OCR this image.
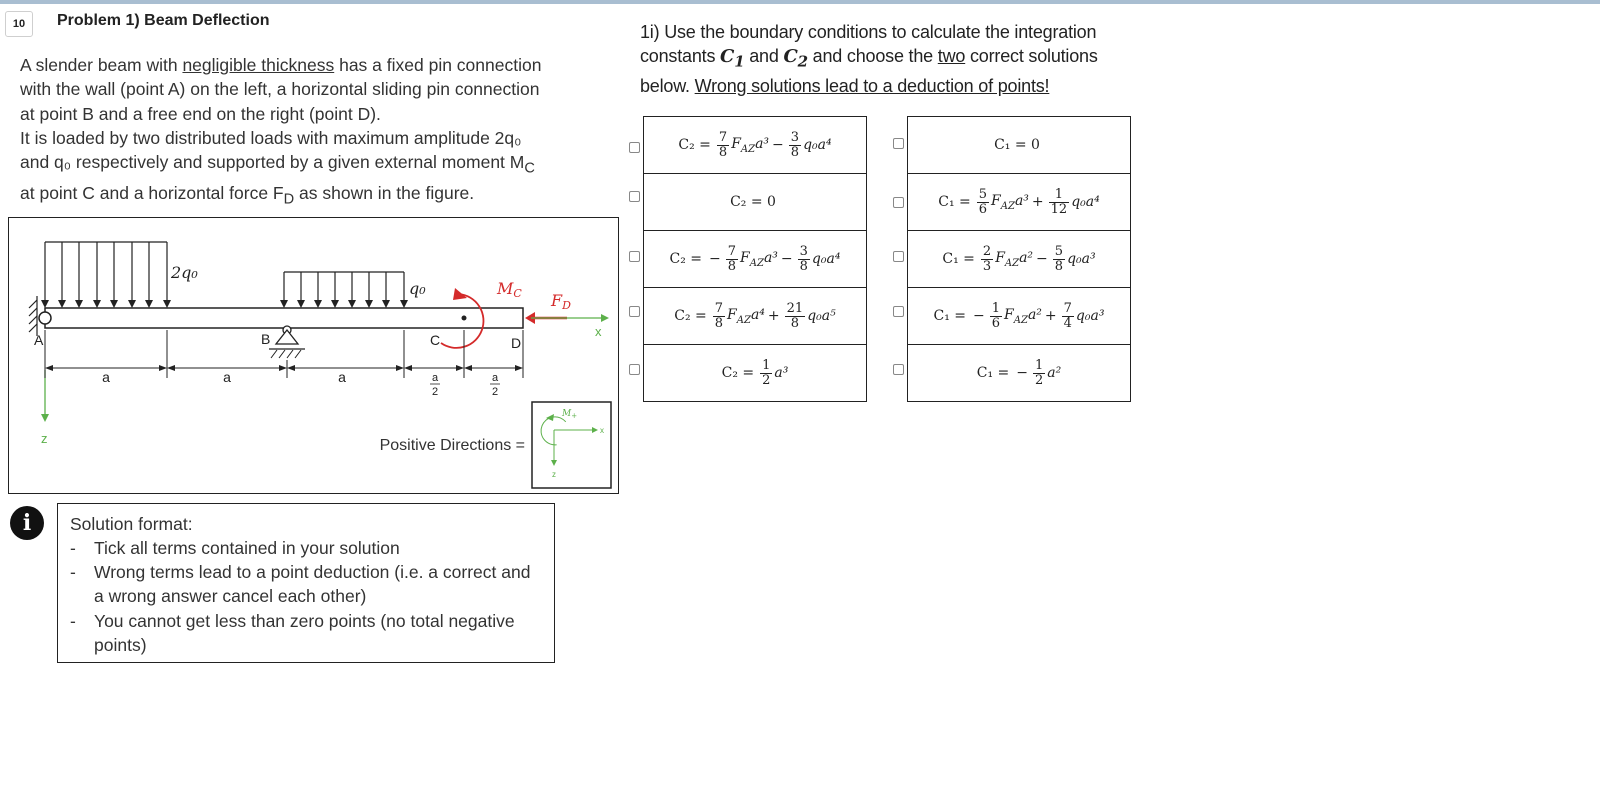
10	Problem 1) Beam Deflection

A slender beam with negligible thickness has a fixed pin connection

with the wall (point A) on the left, a horizontal sliding pin connection

at point B and a free end on the right (point D).

It is loaded by two distributed loads with maximum amplitude 2q₀

and q₀ respectively and supported by a given external moment $M_C$

at point C and a horizontal force $F_D$ as shown in the figure.

2q₀
q₀	MC FD
A	B	C	D
x
z
a	a	a	a
2
a
2
Positive Directions =
x
z
$M_+$
i	Solution format:
- Tick all terms contained in your solution
- Wrong terms lead to a point deduction (i.e. a correct and a wrong answer cancel each other)
- You cannot get less than zero points (no total negative points)

1i) Use the boundary conditions to calculate the integration

constants $C_1$ and $C_2$ and choose the two correct solutions

below. Wrong solutions lead to a deduction of points!

C₂ = 7
8
$F_{AZ}a^3 - 3$
8 q₀a⁴
C₂ = 0
C₂ = − 7
8
$F_{AZ}a^3 - 3$
8 q₀a⁴
C₂ = 7
8
$F_{AZ}a^4 + 21$
8 q₀a⁵
C₂ = 1
2 a³
C₁ = 0
C₁ = 5
6
$F_{AZ}a^3 + 1$
12 q₀a⁴
C₁ = 2
3
$F_{AZ}a^2 - 5$
8 q₀a³
C₁ = − 1
6
$F_{AZ}a^2 + 7$
4 q₀a³
C₁ = − 1
2 a²
